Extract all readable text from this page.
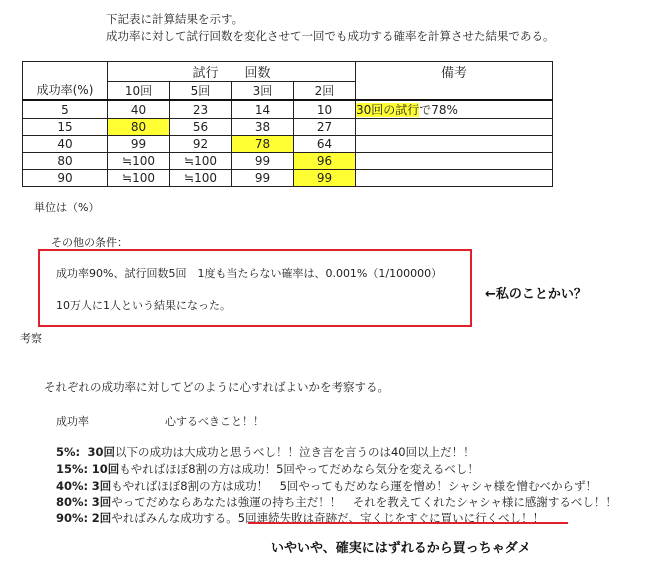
下記表に計算結果を示す。
成功率に対して試行回数を変化させて一回でも成功する確率を計算させた結果である。
成功率(%)	試行　　回数				備考
	10回	5回	3回	2回	
5	40	23	14	10	30回の試行で78%
15	80	56	38	27	
40	99	92	78	64	
80	≒100	≒100	99	96	
90	≒100	≒100	99	99	
単位は（%）
その他の条件：
成功率90%、試行回数5回　1度も当たらない確率は、0.001%（1/100000）
10万人に1人という結果になった。
←私のことかい？
考察
それぞれの成功率に対してどのように心すればよいかを考察する。
成功率	心するべきこと！！
5%: 30回以下の成功は大成功と思うべし！！泣き言を言うのは40回以上だ！！
15%: 10回もやればほぼ8割の方は成功！5回やってだめなら気分を変えるべし！
40%: 3回もやればほぼ8割の方は成功！　5回やってもだめなら運を憎め！シャシャ様を憎むべからず！
80%: 3回やってだめならあなたは強運の持ち主だ！！　それを教えてくれたシャシャ様に感謝するべし！！
90%: 2回やればみんな成功する。5回連続失敗は奇跡だ、宝くじをすぐに買いに行くべし！！
いやいや、確実にはずれるから買っちゃダメ
